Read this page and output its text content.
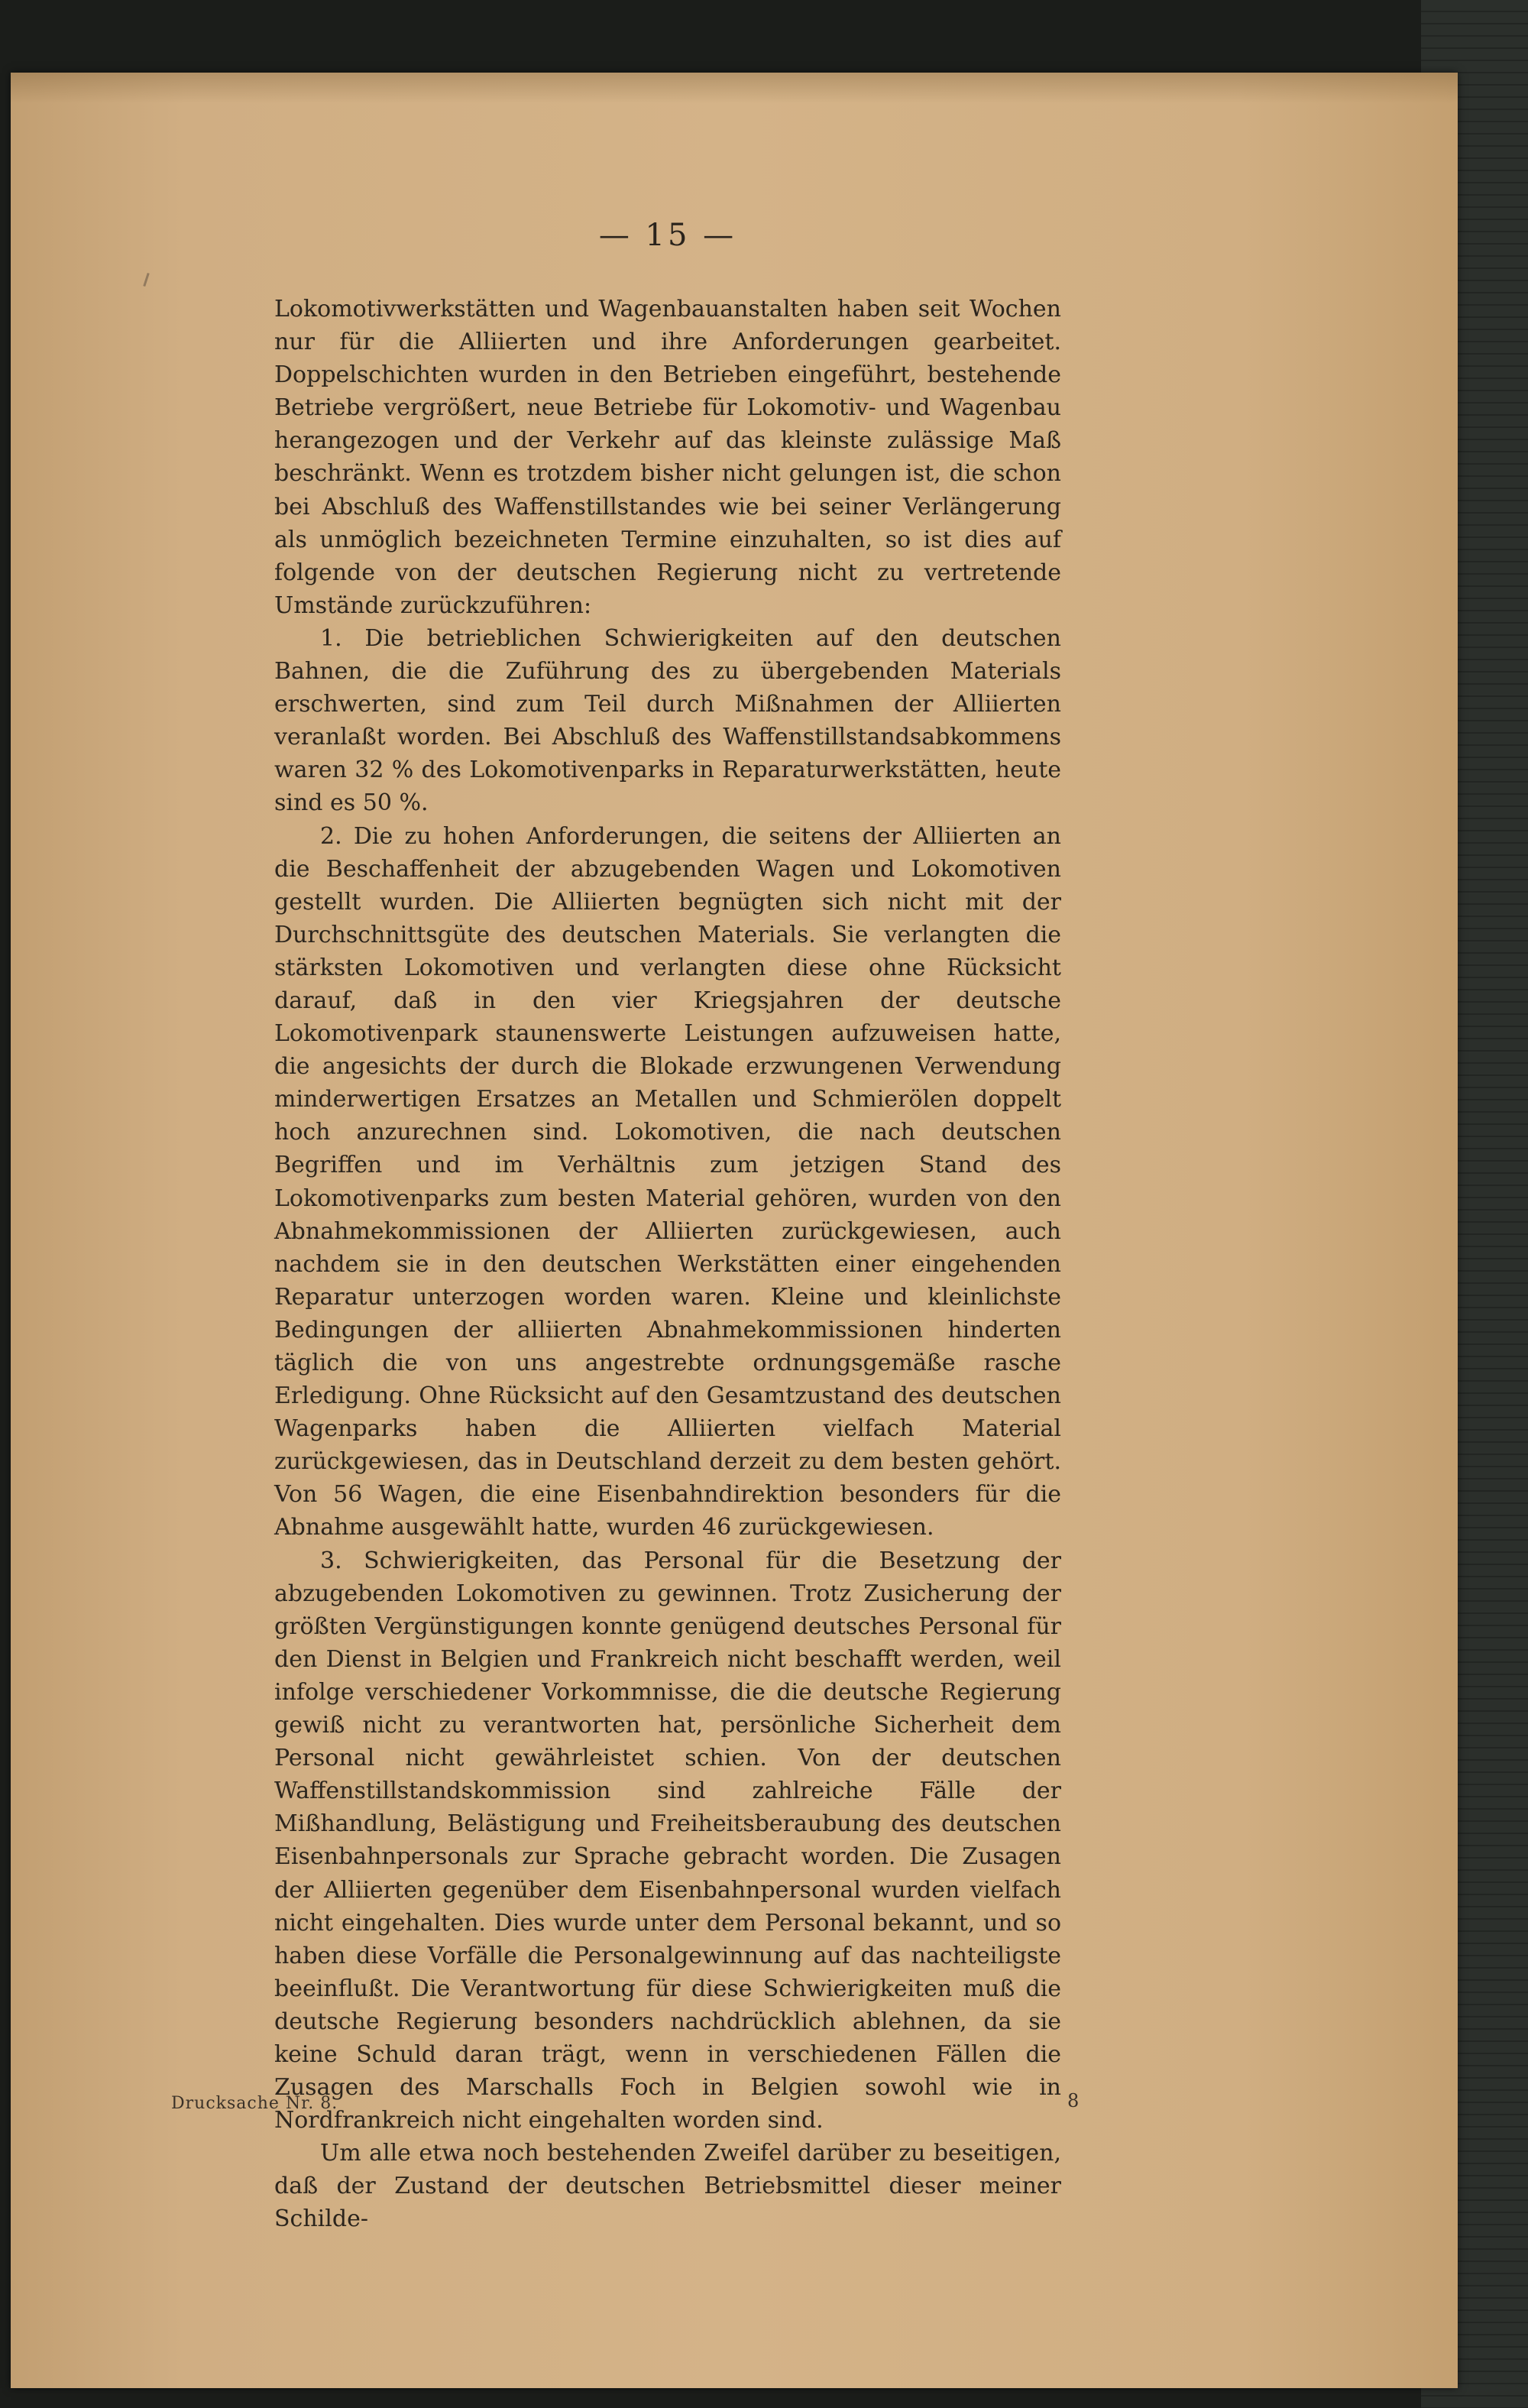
— 15 —

Lokomotivwerkstätten und Wagenbauanstalten haben seit Wochen nur für die Alliierten und ihre Anforderungen gearbeitet. Doppelschichten wurden in den Betrieben eingeführt, bestehende Betriebe vergrößert, neue Betriebe für Lokomotiv- und Wagenbau herangezogen und der Verkehr auf das kleinste zulässige Maß beschränkt. Wenn es trotzdem bisher nicht gelungen ist, die schon bei Abschluß des Waffenstillstandes wie bei seiner Verlängerung als unmöglich bezeichneten Termine einzuhalten, so ist dies auf folgende von der deutschen Regierung nicht zu vertretende Umstände zurückzuführen:

1. Die betrieblichen Schwierigkeiten auf den deutschen Bahnen, die die Zuführung des zu übergebenden Materials erschwerten, sind zum Teil durch Mißnahmen der Alliierten veranlaßt worden. Bei Abschluß des Waffenstillstandsabkommens waren 32 % des Lokomotivenparks in Reparaturwerkstätten, heute sind es 50 %.

2. Die zu hohen Anforderungen, die seitens der Alliierten an die Beschaffenheit der abzugebenden Wagen und Lokomotiven gestellt wurden. Die Alliierten begnügten sich nicht mit der Durchschnittsgüte des deutschen Materials. Sie verlangten die stärksten Lokomotiven und verlangten diese ohne Rücksicht darauf, daß in den vier Kriegsjahren der deutsche Lokomotivenpark staunenswerte Leistungen aufzuweisen hatte, die angesichts der durch die Blokade erzwungenen Verwendung minderwertigen Ersatzes an Metallen und Schmierölen doppelt hoch anzurechnen sind. Lokomotiven, die nach deutschen Begriffen und im Verhältnis zum jetzigen Stand des Lokomotivenparks zum besten Material gehören, wurden von den Abnahmekommissionen der Alliierten zurückgewiesen, auch nachdem sie in den deutschen Werkstätten einer eingehenden Reparatur unterzogen worden waren. Kleine und kleinlichste Bedingungen der alliierten Abnahmekommissionen hinderten täglich die von uns angestrebte ordnungsgemäße rasche Erledigung. Ohne Rücksicht auf den Gesamtzustand des deutschen Wagenparks haben die Alliierten vielfach Material zurückgewiesen, das in Deutschland derzeit zu dem besten gehört. Von 56 Wagen, die eine Eisenbahndirektion besonders für die Abnahme ausgewählt hatte, wurden 46 zurückgewiesen.

3. Schwierigkeiten, das Personal für die Besetzung der abzugebenden Lokomotiven zu gewinnen. Trotz Zusicherung der größten Vergünstigungen konnte genügend deutsches Personal für den Dienst in Belgien und Frankreich nicht beschafft werden, weil infolge verschiedener Vorkommnisse, die die deutsche Regierung gewiß nicht zu verantworten hat, persönliche Sicherheit dem Personal nicht gewährleistet schien. Von der deutschen Waffenstillstandskommission sind zahlreiche Fälle der Mißhandlung, Belästigung und Freiheitsberaubung des deutschen Eisenbahnpersonals zur Sprache gebracht worden. Die Zusagen der Alliierten gegenüber dem Eisenbahnpersonal wurden vielfach nicht eingehalten. Dies wurde unter dem Personal bekannt, und so haben diese Vorfälle die Personalgewinnung auf das nachteiligste beeinflußt. Die Verantwortung für diese Schwierigkeiten muß die deutsche Regierung besonders nachdrücklich ablehnen, da sie keine Schuld daran trägt, wenn in verschiedenen Fällen die Zusagen des Marschalls Foch in Belgien sowohl wie in Nordfrankreich nicht eingehalten worden sind.

Um alle etwa noch bestehenden Zweifel darüber zu beseitigen, daß der Zustand der deutschen Betriebsmittel dieser meiner Schilde-

Drucksache Nr. 8.	8
